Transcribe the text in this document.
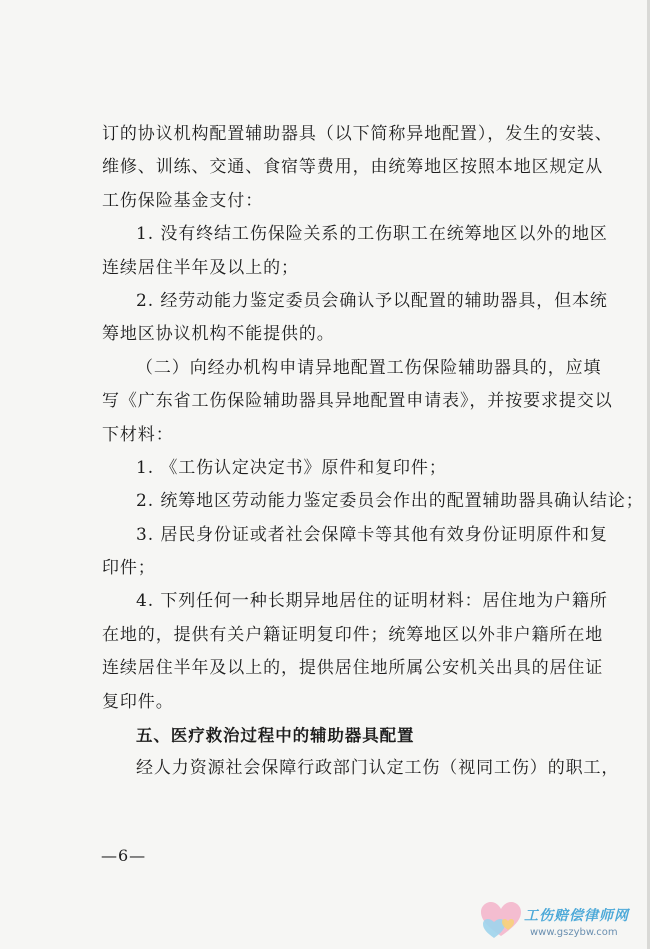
订的协议机构配置辅助器具（以下简称异地配置），发生的安装、
维修、训练、交通、食宿等费用，由统筹地区按照本地区规定从
工伤保险基金支付：
1. 没有终结工伤保险关系的工伤职工在统筹地区以外的地区
连续居住半年及以上的；
2. 经劳动能力鉴定委员会确认予以配置的辅助器具，但本统
筹地区协议机构不能提供的。
（二）向经办机构申请异地配置工伤保险辅助器具的，应填
写《广东省工伤保险辅助器具异地配置申请表》，并按要求提交以
下材料：
1. 《工伤认定决定书》原件和复印件；
2. 统筹地区劳动能力鉴定委员会作出的配置辅助器具确认结论；
3. 居民身份证或者社会保障卡等其他有效身份证明原件和复
印件；
4. 下列任何一种长期异地居住的证明材料：居住地为户籍所
在地的，提供有关户籍证明复印件；统筹地区以外非户籍所在地
连续居住半年及以上的，提供居住地所属公安机关出具的居住证
复印件。
五、医疗救治过程中的辅助器具配置
经人力资源社会保障行政部门认定工伤（视同工伤）的职工，
—6—
工伤赔偿律师网
www.gszybw.com
